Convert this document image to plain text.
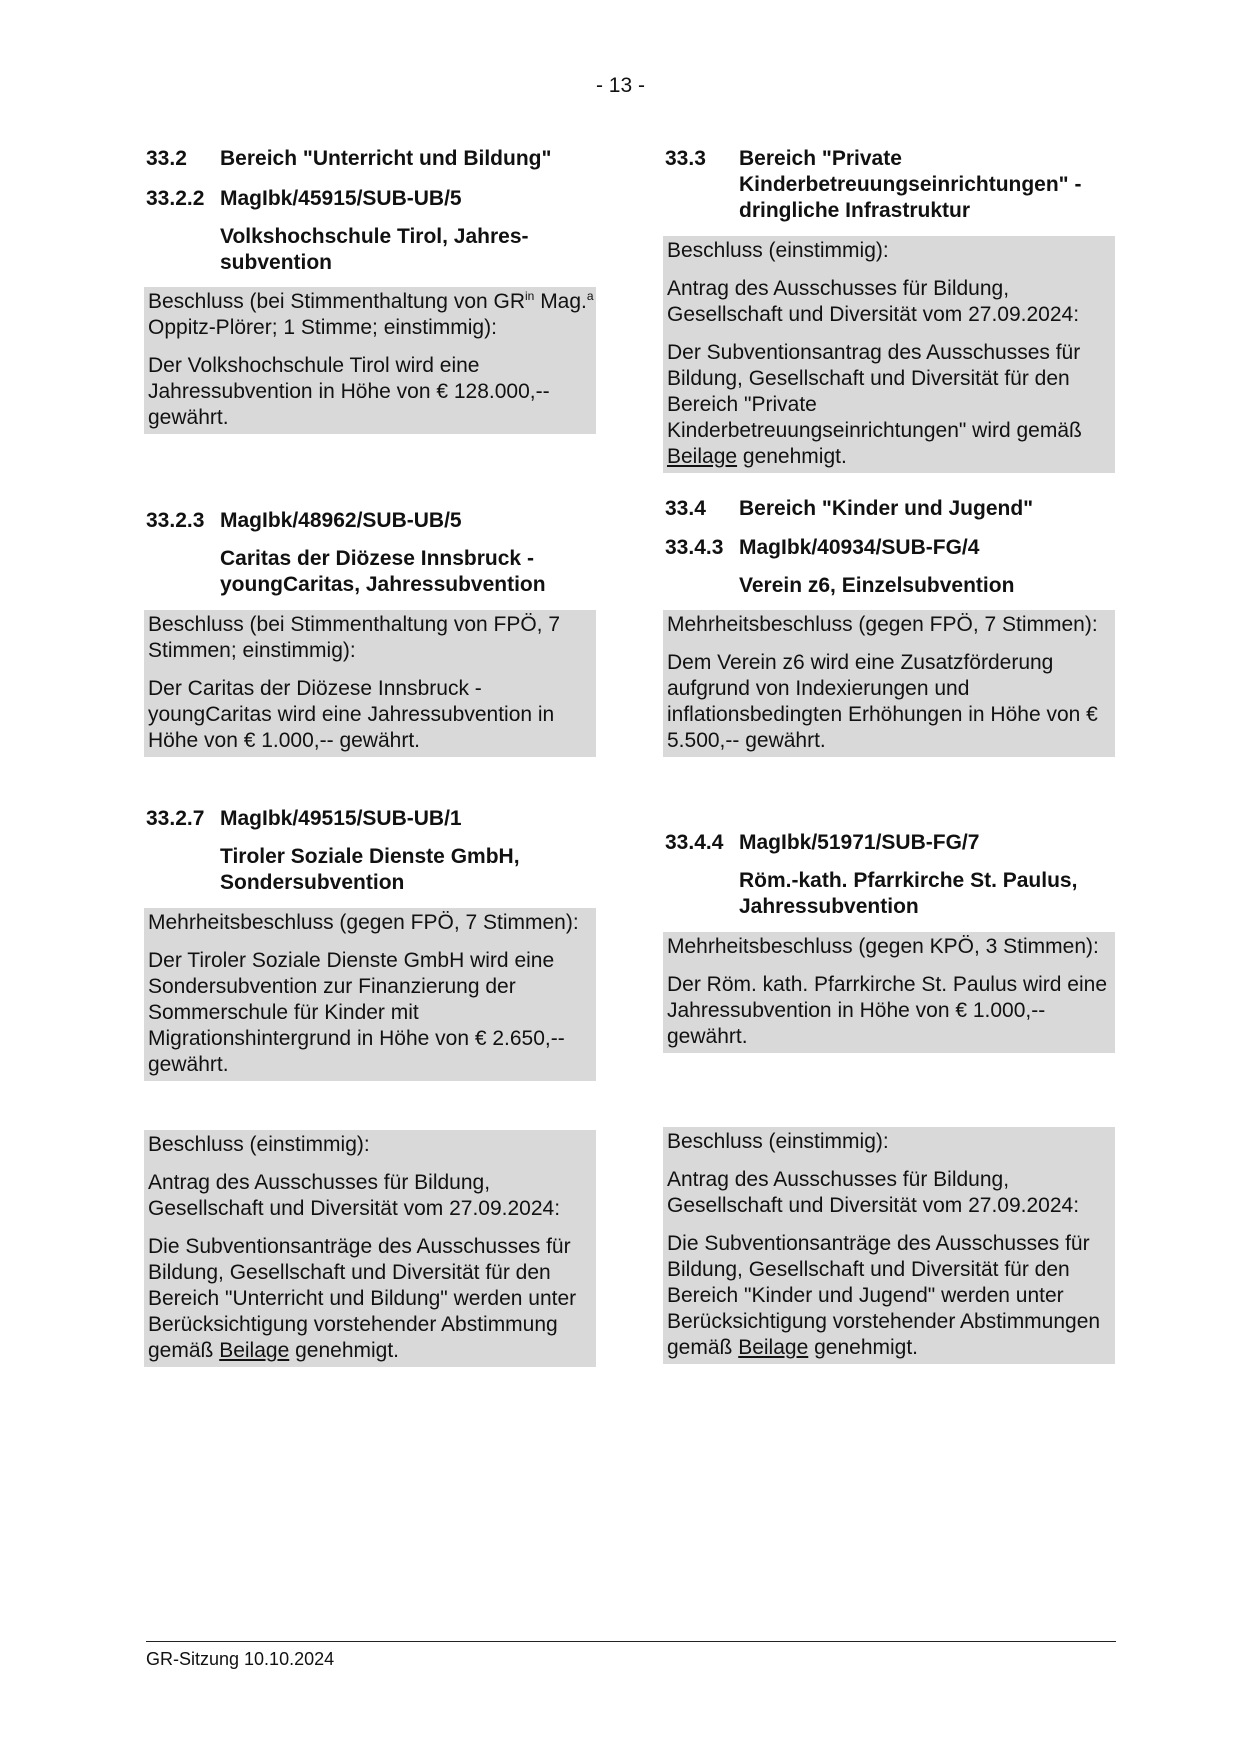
- 13 -
33.2	Bereich "Unterricht und Bildung"
33.2.2 MagIbk/45915/SUB-UB/5
Volkshochschule Tirol, Jahres- subvention

Beschluss (bei Stimmenthaltung von $GR^{in}$ Mag.$^a$ Oppitz-Plörer; 1 Stimme; einstimmig):

Der Volkshochschule Tirol wird eine Jahressubvention in Höhe von € 128.000,-- gewährt.

33.2.3 MagIbk/48962/SUB-UB/5
Caritas der Diözese Innsbruck - youngCaritas, Jahressubvention

Beschluss (bei Stimmenthaltung von FPÖ, 7 Stimmen; einstimmig):

Der Caritas der Diözese Innsbruck - youngCaritas wird eine Jahressubvention in Höhe von € 1.000,-- gewährt.

33.2.7 MagIbk/49515/SUB-UB/1
Tiroler Soziale Dienste GmbH, Sondersubvention

Mehrheitsbeschluss (gegen FPÖ, 7 Stimmen):

Der Tiroler Soziale Dienste GmbH wird eine Sondersubvention zur Finanzierung der Sommerschule für Kinder mit Migrationshintergrund in Höhe von € 2.650,-- gewährt.

Beschluss (einstimmig):

Antrag des Ausschusses für Bildung, Gesellschaft und Diversität vom 27.09.2024:

Die Subventionsanträge des Ausschusses für Bildung, Gesellschaft und Diversität für den Bereich "Unterricht und Bildung" werden unter Berücksichtigung vorstehender Abstimmung gemäß Beilage genehmigt.

33.3	Bereich "Private Kinderbetreuungseinrichtungen" - dringliche Infrastruktur

Beschluss (einstimmig):

Antrag des Ausschusses für Bildung, Gesellschaft und Diversität vom 27.09.2024:

Der Subventionsantrag des Ausschusses für Bildung, Gesellschaft und Diversität für den Bereich "Private Kinderbetreuungseinrichtungen" wird gemäß Beilage genehmigt.

33.4	Bereich "Kinder und Jugend"
33.4.3 MagIbk/40934/SUB-FG/4
Verein z6, Einzelsubvention

Mehrheitsbeschluss (gegen FPÖ, 7 Stimmen):

Dem Verein z6 wird eine Zusatzförderung aufgrund von Indexierungen und inflationsbedingten Erhöhungen in Höhe von € 5.500,-- gewährt.

33.4.4 MagIbk/51971/SUB-FG/7
Röm.-kath. Pfarrkirche St. Paulus, Jahressubvention

Mehrheitsbeschluss (gegen KPÖ, 3 Stimmen):

Der Röm. kath. Pfarrkirche St. Paulus wird eine Jahressubvention in Höhe von € 1.000,-- gewährt.

Beschluss (einstimmig):

Antrag des Ausschusses für Bildung, Gesellschaft und Diversität vom 27.09.2024:

Die Subventionsanträge des Ausschusses für Bildung, Gesellschaft und Diversität für den Bereich "Kinder und Jugend" werden unter Berücksichtigung vorstehender Abstimmungen gemäß Beilage genehmigt.

GR-Sitzung 10.10.2024
